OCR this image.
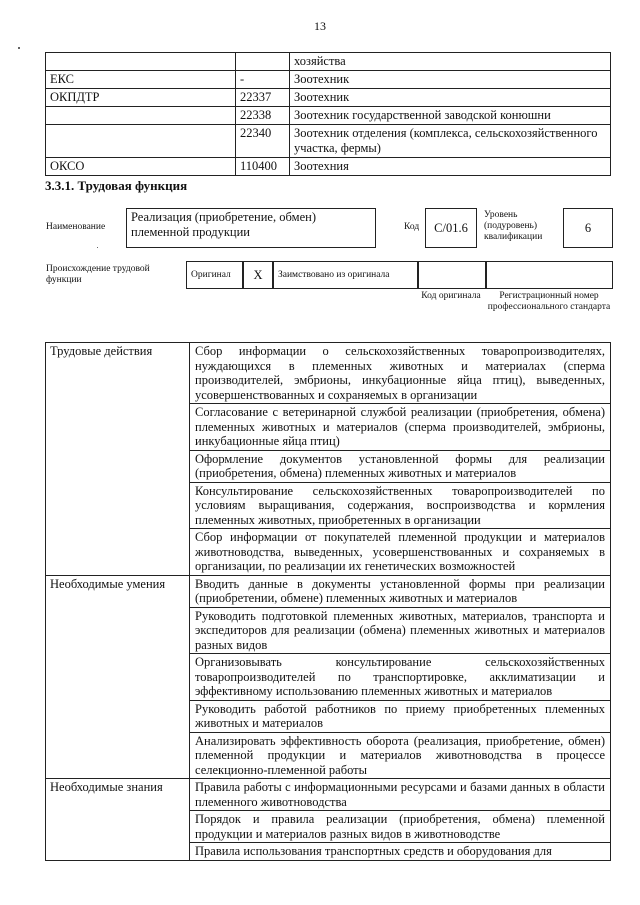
13
		хозяйства
ЕКС	-	Зоотехник
ОКПДТР	22337	Зоотехник
	22338	Зоотехник государственной заводской конюшни
	22340	Зоотехник отделения (комплекса, сельскохозяйственного участка, фермы)
ОКСО	110400	Зоотехния
3.3.1. Трудовая функция
Наименование
Реализация (приобретение, обмен) племенной продукции	Код	С/01.6
Уровень (подуровень) квалификации
6
Происхождение трудовой функции	Оригинал	X	Заимствовано из оригинала
Код оригинала	Регистрационный номер профессионального стандарта
Трудовые действия	Сбор информации о сельскохозяйственных товаропроизводителях, нуждающихся в племенных животных и материалах (сперма производителей, эмбрионы, инкубационные яйца птиц), выведенных, усовершенствованных и сохраняемых в организации
	Согласование с ветеринарной службой реализации (приобретения, обмена) племенных животных и материалов (сперма производителей, эмбрионы, инкубационные яйца птиц)
	Оформление документов установленной формы для реализации (приобретения, обмена) племенных животных и материалов
	Консультирование сельскохозяйственных товаропроизводителей по условиям выращивания, содержания, воспроизводства и кормления племенных животных, приобретенных в организации
	Сбор информации от покупателей племенной продукции и материалов животноводства, выведенных, усовершенствованных и сохраняемых в организации, по реализации их генетических возможностей
Необходимые умения	Вводить данные в документы установленной формы при реализации (приобретении, обмене) племенных животных и материалов
	Руководить подготовкой племенных животных, материалов, транспорта и экспедиторов для реализации (обмена) племенных животных и материалов разных видов
	Организовывать консультирование сельскохозяйственных товаропроизводителей по транспортировке, акклиматизации и эффективному использованию племенных животных и материалов
	Руководить работой работников по приему приобретенных племенных животных и материалов
	Анализировать эффективность оборота (реализация, приобретение, обмен) племенной продукции и материалов животноводства в процессе селекционно-племенной работы
Необходимые знания	Правила работы с информационными ресурсами и базами данных в области племенного животноводства
	Порядок и правила реализации (приобретения, обмена) племенной продукции и материалов разных видов в животноводстве
	Правила использования транспортных средств и оборудования для
